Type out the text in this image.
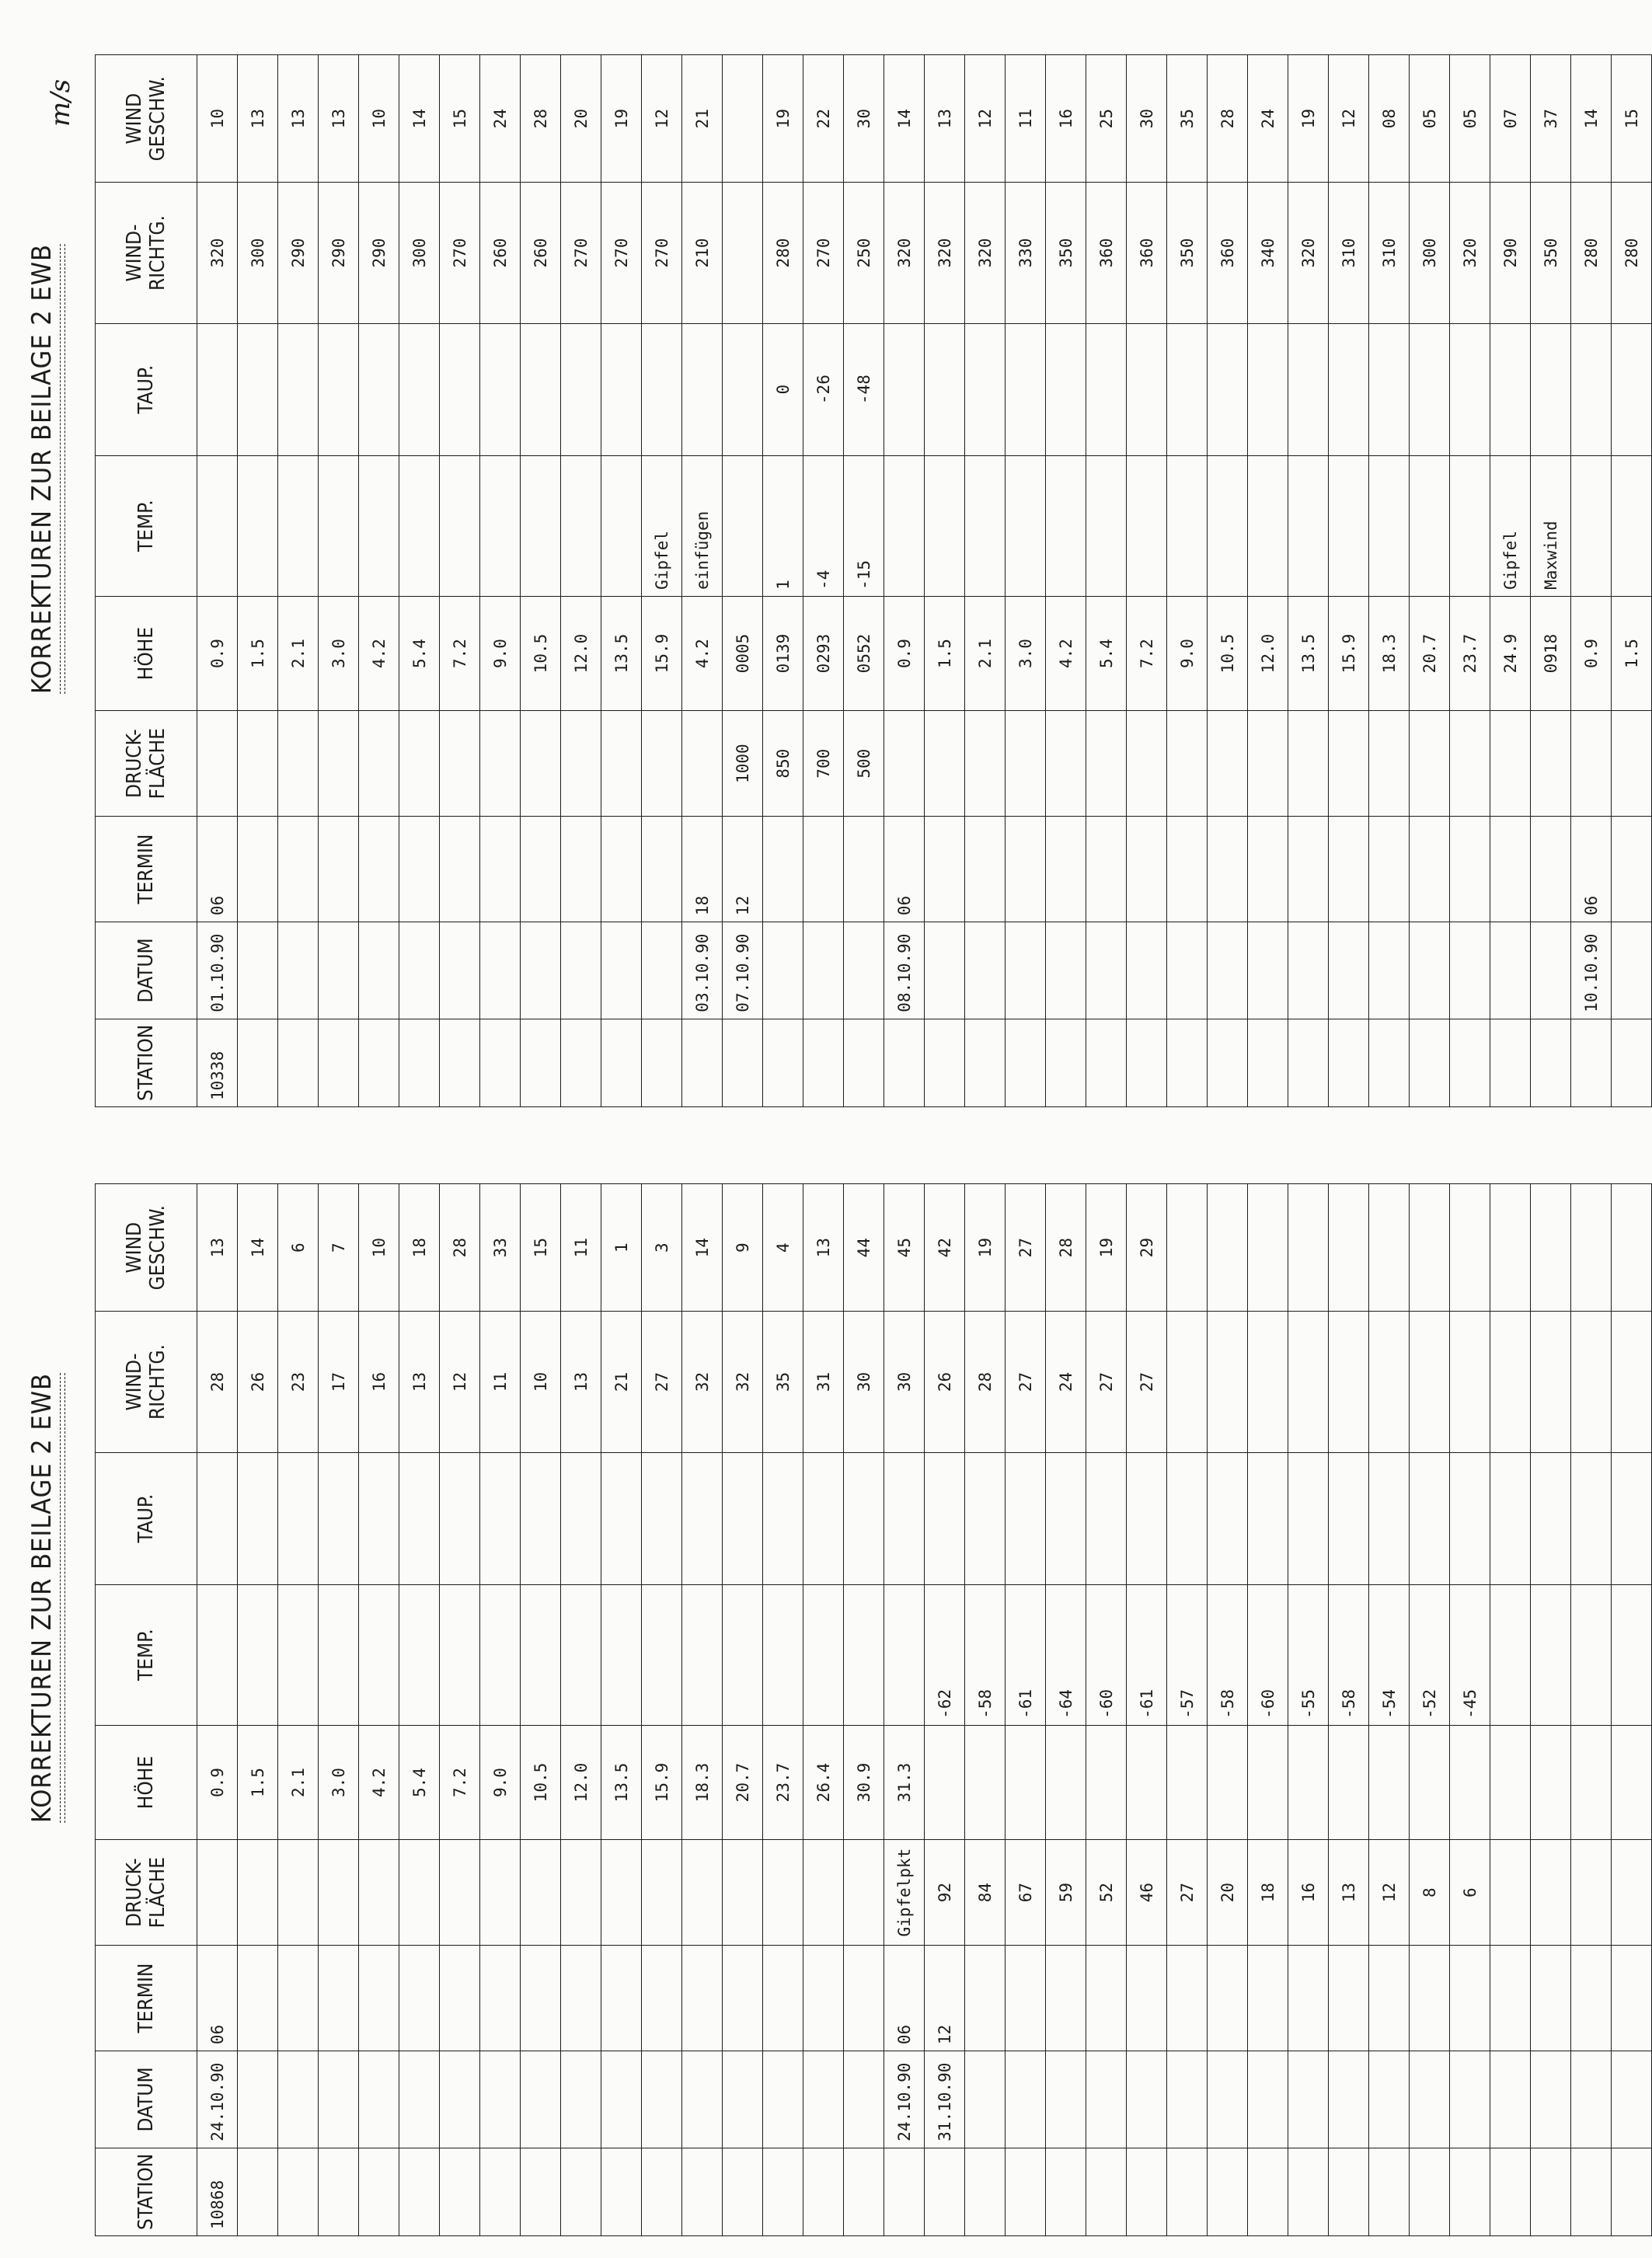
KORREKTUREN ZUR BEILAGE 2 EWB
STATION	DATUM	TERMIN	DRUCK-
FLÄCHE	HÖHE	TEMP.	TAUP.	WIND-
RICHTG.	WIND
GESCHW.
10868	24.10.90	06		0.9			28	13
				1.5			26	14
				2.1			23	6
				3.0			17	7
				4.2			16	10
				5.4			13	18
				7.2			12	28
				9.0			11	33
				10.5			10	15
				12.0			13	11
				13.5			21	1
				15.9			27	3
				18.3			32	14
				20.7			32	9
				23.7			35	4
				26.4			31	13
				30.9			30	44
	24.10.90	06	Gipfelpkt	31.3			30	45
	31.10.90	12	92		-62		26	42
			84		-58		28	19
			67		-61		27	27
			59		-64		24	28
			52		-60		27	19
			46		-61		27	29
			27		-57			
			20		-58			
			18		-60			
			16		-55			
			13		-58			
			12		-54			
			8		-52			
			6		-45			

KORREKTUREN ZUR BEILAGE 2 EWB
m/s
STATION	DATUM	TERMIN	DRUCK-
FLÄCHE	HÖHE	TEMP.	TAUP.	WIND-
RICHTG.	WIND
GESCHW.
10338	01.10.90	06		0.9			320	10
				1.5			300	13
				2.1			290	13
				3.0			290	13
				4.2			290	10
				5.4			300	14
				7.2			270	15
				9.0			260	24
				10.5			260	28
				12.0			270	20
				13.5			270	19
				15.9	Gipfel		270	12
	03.10.90	18		4.2	einfügen		210	21
	07.10.90	12	1000	0005				
			850	0139	1	0	280	19
			700	0293	-4	-26	270	22
			500	0552	-15	-48	250	30
	08.10.90	06		0.9			320	14
				1.5			320	13
				2.1			320	12
				3.0			330	11
				4.2			350	16
				5.4			360	25
				7.2			360	30
				9.0			350	35
				10.5			360	28
				12.0			340	24
				13.5			320	19
				15.9			310	12
				18.3			310	08
				20.7			300	05
				23.7			320	05
				24.9	Gipfel		290	07
				0918	Maxwind		350	37
	10.10.90	06		0.9			280	14
				1.5			280	15
